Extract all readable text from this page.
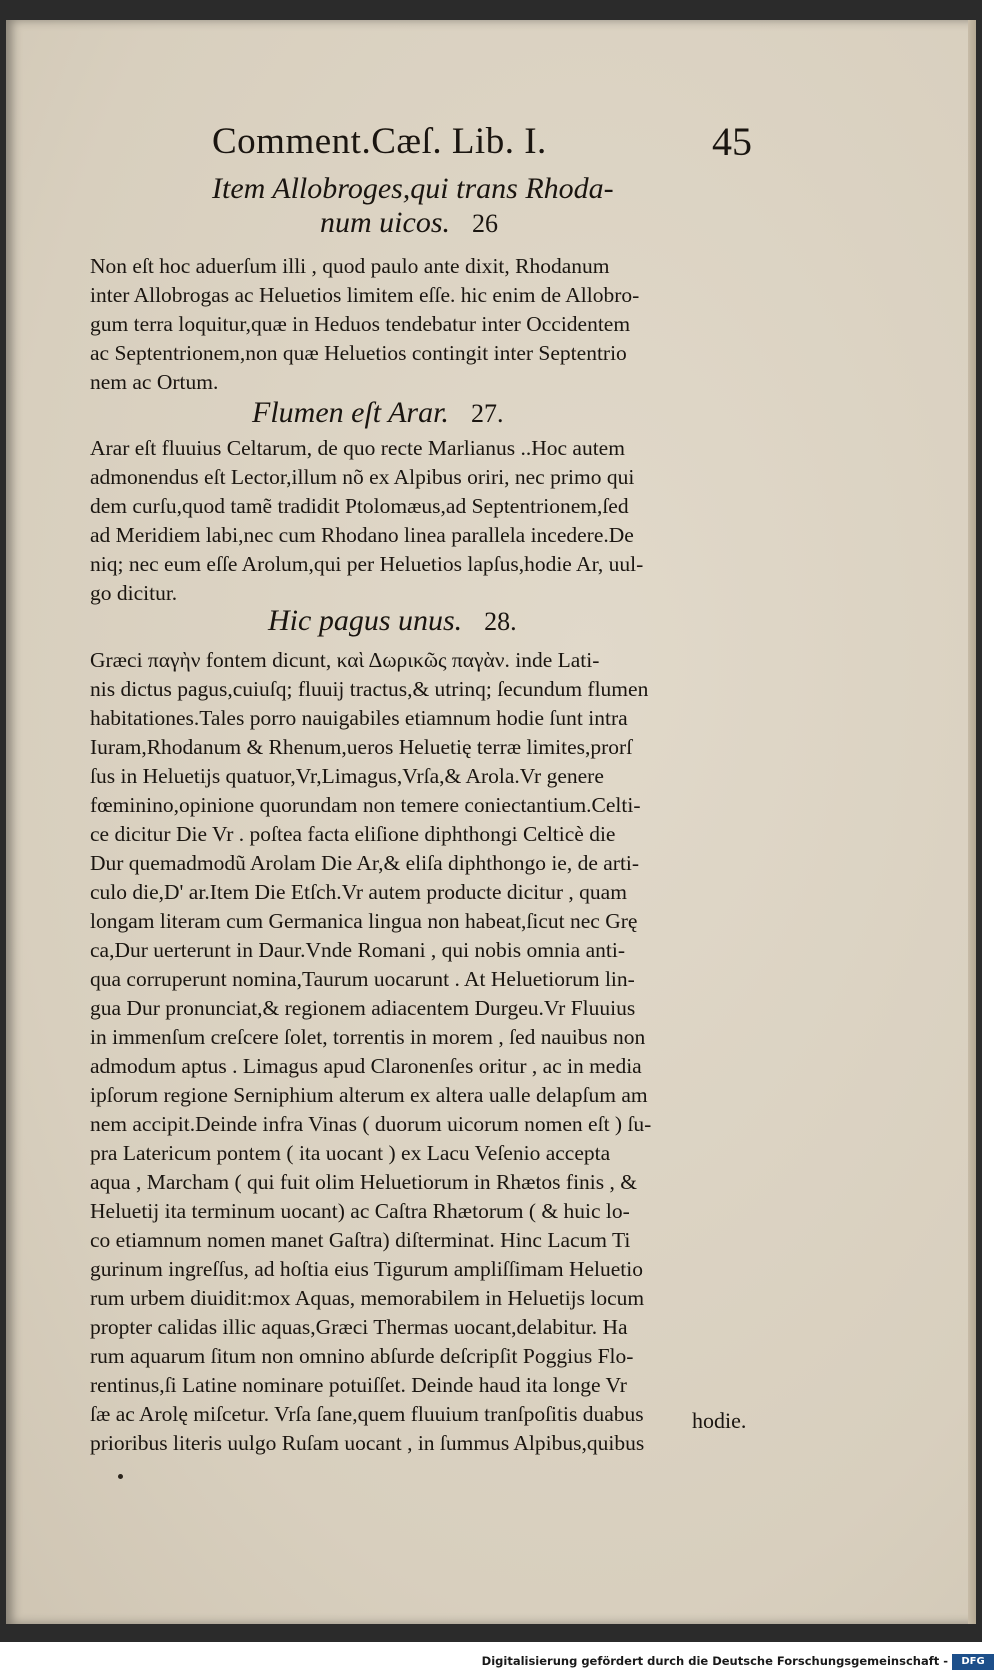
Comment.Cæſ. Lib. I.	45
Item Allobroges,qui trans Rhoda-
num uicos. 26
Non eſt hoc aduerſum illi , quod paulo ante dixit, Rhodanum
inter Allobrogas ac Heluetios limitem eſſe. hic enim de Allobro-
gum terra loquitur,quæ in Heduos tendebatur inter Occidentem
ac Septentrionem,non quæ Heluetios contingit inter Septentrio
nem ac Ortum.
Flumen eſt Arar. 27.
Arar eſt fluuius Celtarum, de quo recte Marlianus ..Hoc autem
admonendus eſt Lector,illum nõ ex Alpibus oriri, nec primo qui
dem curſu,quod tamẽ tradidit Ptolomæus,ad Septentrionem,ſed
ad Meridiem labi,nec cum Rhodano linea parallela incedere.De
niq; nec eum eſſe Arolum,qui per Heluetios lapſus,hodie Ar, uul-
go dicitur.
Hic pagus unus. 28.
Græci παγὴν fontem dicunt, καὶ Δωρικῶς παγὰν. inde Lati-
nis dictus pagus,cuiuſq; fluuij tractus,& utrinq; ſecundum flumen
habitationes.Tales porro nauigabiles etiamnum hodie ſunt intra
Iuram,Rhodanum & Rhenum,ueros Heluetię terræ limites,prorſ
ſus in Heluetijs quatuor,Vr,Limagus,Vrſa,& Arola.Vr genere
fœminino,opinione quorundam non temere coniectantium.Celti-
ce dicitur Die Vr . poſtea facta eliſione diphthongi Celticè die
Dur quemadmodũ Arolam Die Ar,& eliſa diphthongo ie, de arti-
culo die,D' ar.Item Die Etſch.Vr autem producte dicitur , quam
longam literam cum Germanica lingua non habeat,ſicut nec Grę
ca,Dur uerterunt in Daur.Vnde Romani , qui nobis omnia anti-
qua corruperunt nomina,Taurum uocarunt . At Heluetiorum lin-
gua Dur pronunciat,& regionem adiacentem Durgeu.Vr Fluuius
in immenſum creſcere ſolet, torrentis in morem , ſed nauibus non
admodum aptus . Limagus apud Claronenſes oritur , ac in media
ipſorum regione Serniphium alterum ex altera ualle delapſum am
nem accipit.Deinde infra Vinas ( duorum uicorum nomen eſt ) ſu-
pra Latericum pontem ( ita uocant ) ex Lacu Veſenio accepta
aqua , Marcham ( qui fuit olim Heluetiorum in Rhætos finis , &
Heluetij ita terminum uocant) ac Caſtra Rhætorum ( & huic lo-
co etiamnum nomen manet Gaſtra) diſterminat. Hinc Lacum Ti
gurinum ingreſſus, ad hoſtia eius Tigurum ampliſſimam Heluetio
rum urbem diuidit:mox Aquas, memorabilem in Heluetijs locum
propter calidas illic aquas,Græci Thermas uocant,delabitur. Ha
rum aquarum ſitum non omnino abſurde deſcripſit Poggius Flo-
rentinus,ſi Latine nominare potuiſſet. Deinde haud ita longe Vr
ſæ ac Arolę miſcetur. Vrſa ſane,quem fluuium tranſpoſitis duabus
prioribus literis uulgo Ruſam uocant , in ſummus Alpibus,quibus
hodie.
Digitalisierung gefördert durch die Deutsche Forschungsgemeinschaft -	DFG
